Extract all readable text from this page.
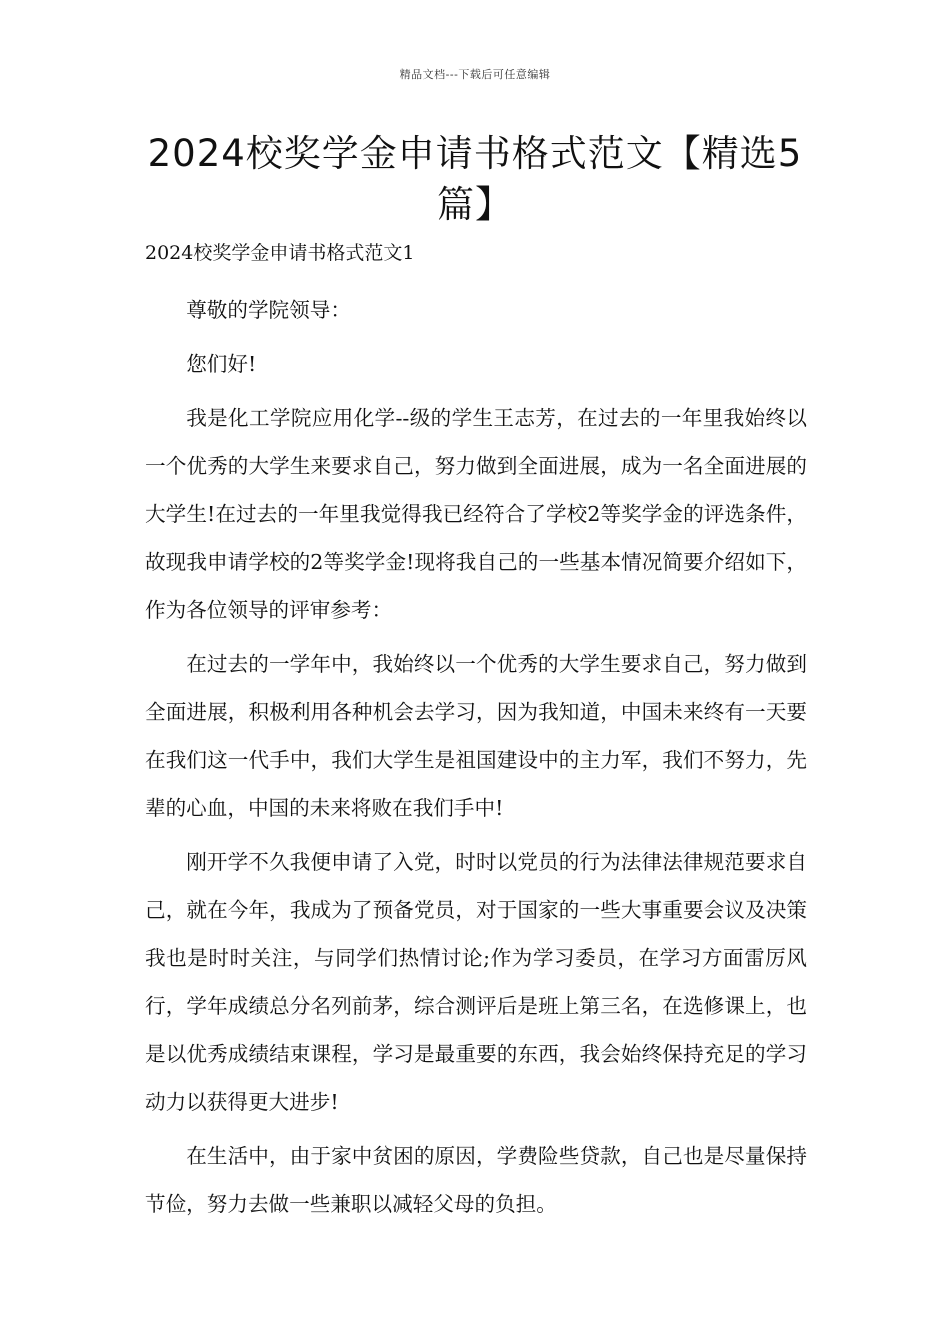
精品文档---下载后可任意编辑
2024校奖学金申请书格式范文【精选5篇】
2024校奖学金申请书格式范文1

尊敬的学院领导：

您们好!

我是化工学院应用化学--级的学生王志芳，在过去的一年里我始终以一个优秀的大学生来要求自己，努力做到全面进展，成为一名全面进展的大学生!在过去的一年里我觉得我已经符合了学校2等奖学金的评选条件，故现我申请学校的2等奖学金!现将我自己的一些基本情况简要介绍如下，作为各位领导的评审参考：

在过去的一学年中，我始终以一个优秀的大学生要求自己，努力做到全面进展，积极利用各种机会去学习，因为我知道，中国未来终有一天要在我们这一代手中，我们大学生是祖国建设中的主力军，我们不努力，先辈的心血，中国的未来将败在我们手中!

刚开学不久我便申请了入党，时时以党员的行为法律法律规范要求自己，就在今年，我成为了预备党员，对于国家的一些大事重要会议及决策我也是时时关注，与同学们热情讨论;作为学习委员，在学习方面雷厉风行，学年成绩总分名列前茅，综合测评后是班上第三名，在选修课上，也是以优秀成绩结束课程，学习是最重要的东西，我会始终保持充足的学习动力以获得更大进步!

在生活中，由于家中贫困的原因，学费险些贷款，自己也是尽量保持节俭，努力去做一些兼职以减轻父母的负担。
